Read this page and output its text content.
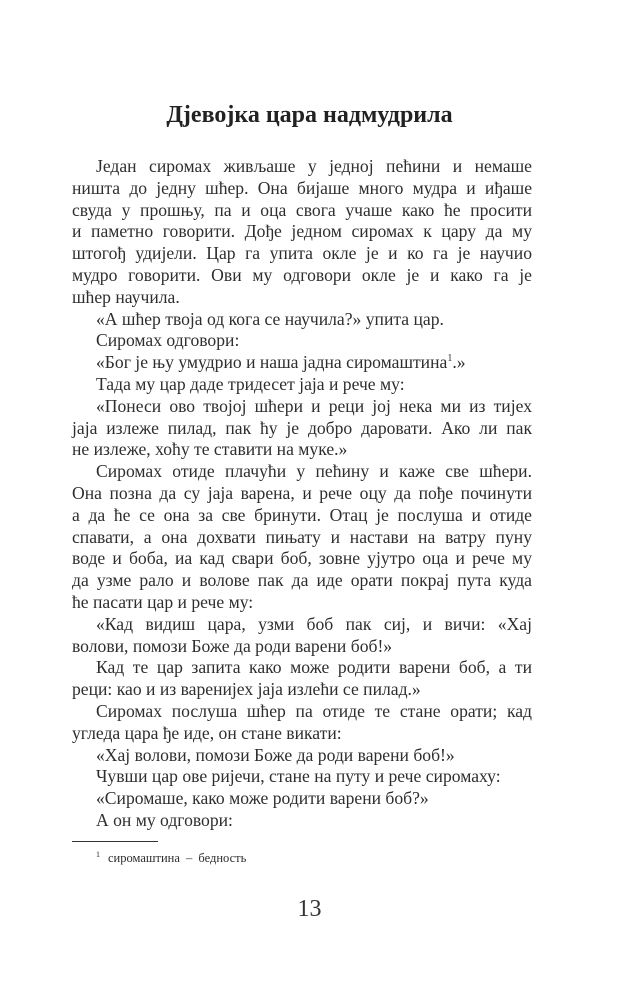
Дјевојка цара надмудрила
Један сиромах живљаше у једној пећини и немаше
ништа до једну шћер. Она бијаше много мудра и иђаше
свуда у прошњу, па и оца свога учаше како ће просити
и паметно говорити. Дође једном сиромах к цару да му
штогођ удијели. Цар га упита окле је и ко га је научио
мудро говорити. Ови му одговори окле је и како га је
шћер научила.
«А шћер твоја од кога се научила?» упита цар.
Сиромах одговори:
«Бог је њу умудрио и наша јадна сиромаштина$^1$.»
Тада му цар даде тридесет јаја и рече му:
«Понеси ово твојој шћери и реци јој нека ми из тијех
јаја излеже пилад, пак ћу је добро даровати. Ако ли пак
не излеже, хоћу те ставити на муке.»
Сиромах отиде плачући у пећину и каже све шћери.
Она позна да су јаја варена, и рече оцу да пође починути
а да ће се она за све бринути. Отац је послуша и отиде
спавати, а она дохвати пињату и настави на ватру пуну
воде и боба, иа кад свари боб, зовне ујутро оца и рече му
да узме рало и волове пак да иде орати покрај пута куда
ће пасати цар и рече му:
«Кад видиш цара, узми боб пак сиј, и вичи: «Хај
волови, помози Боже да роди варени боб!»
Кад те цар запита како може родити варени боб, а ти
реци: као и из варенијех јаја излећи се пилад.»
Сиромах послуша шћер па отиде те стане орати; кад
угледа цара ђе иде, он стане викати:
«Хај волови, помози Боже да роди варени боб!»
Чувши цар ове ријечи, стане на путу и рече сиромаху:
«Сиромаше, како може родити варени боб?»
А он му одговори:
$^1$ сиромаштина – бедность
13
